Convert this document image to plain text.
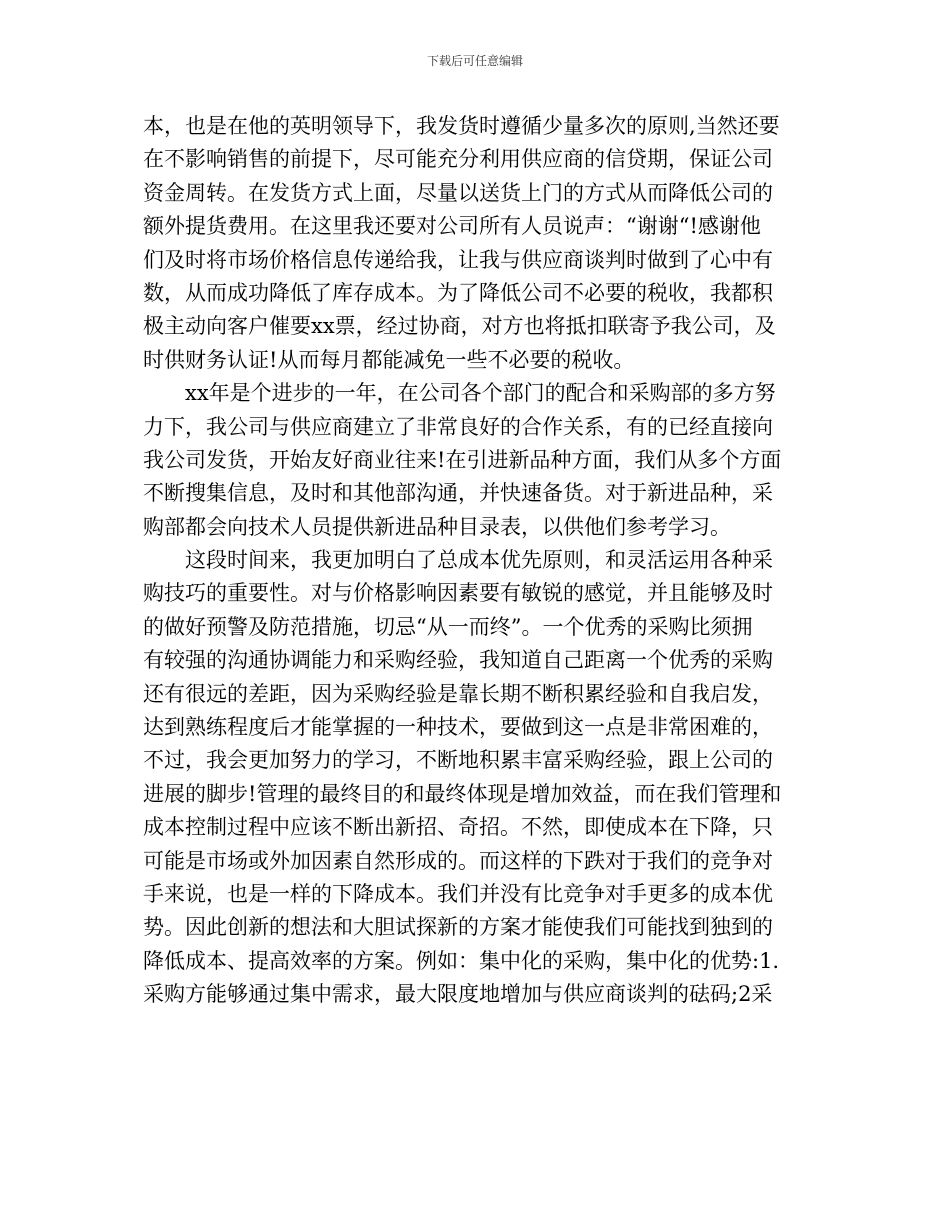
下载后可任意编辑
本，也是在他的英明领导下，我发货时遵循少量多次的原则,当然还要
在不影响销售的前提下，尽可能充分利用供应商的信贷期，保证公司
资金周转。在发货方式上面，尽量以送货上门的方式从而降低公司的
额外提货费用。在这里我还要对公司所有人员说声：“谢谢“!感谢他
们及时将市场价格信息传递给我，让我与供应商谈判时做到了心中有
数，从而成功降低了库存成本。为了降低公司不必要的税收，我都积
极主动向客户催要xx票，经过协商，对方也将抵扣联寄予我公司，及
时供财务认证!从而每月都能减免一些不必要的税收。
xx年是个进步的一年，在公司各个部门的配合和采购部的多方努
力下，我公司与供应商建立了非常良好的合作关系，有的已经直接向
我公司发货，开始友好商业往来!在引进新品种方面，我们从多个方面
不断搜集信息，及时和其他部沟通，并快速备货。对于新进品种，采
购部都会向技术人员提供新进品种目录表，以供他们参考学习。
这段时间来，我更加明白了总成本优先原则，和灵活运用各种采
购技巧的重要性。对与价格影响因素要有敏锐的感觉，并且能够及时
的做好预警及防范措施，切忌“从一而终”。一个优秀的采购比须拥
有较强的沟通协调能力和采购经验，我知道自己距离一个优秀的采购
还有很远的差距，因为采购经验是靠长期不断积累经验和自我启发，
达到熟练程度后才能掌握的一种技术，要做到这一点是非常困难的，
不过，我会更加努力的学习，不断地积累丰富采购经验，跟上公司的
进展的脚步!管理的最终目的和最终体现是增加效益，而在我们管理和
成本控制过程中应该不断出新招、奇招。不然，即使成本在下降，只
可能是市场或外加因素自然形成的。而这样的下跌对于我们的竞争对
手来说，也是一样的下降成本。我们并没有比竞争对手更多的成本优
势。因此创新的想法和大胆试探新的方案才能使我们可能找到独到的
降低成本、提高效率的方案。例如：集中化的采购，集中化的优势:1.
采购方能够通过集中需求，最大限度地增加与供应商谈判的砝码;2采
